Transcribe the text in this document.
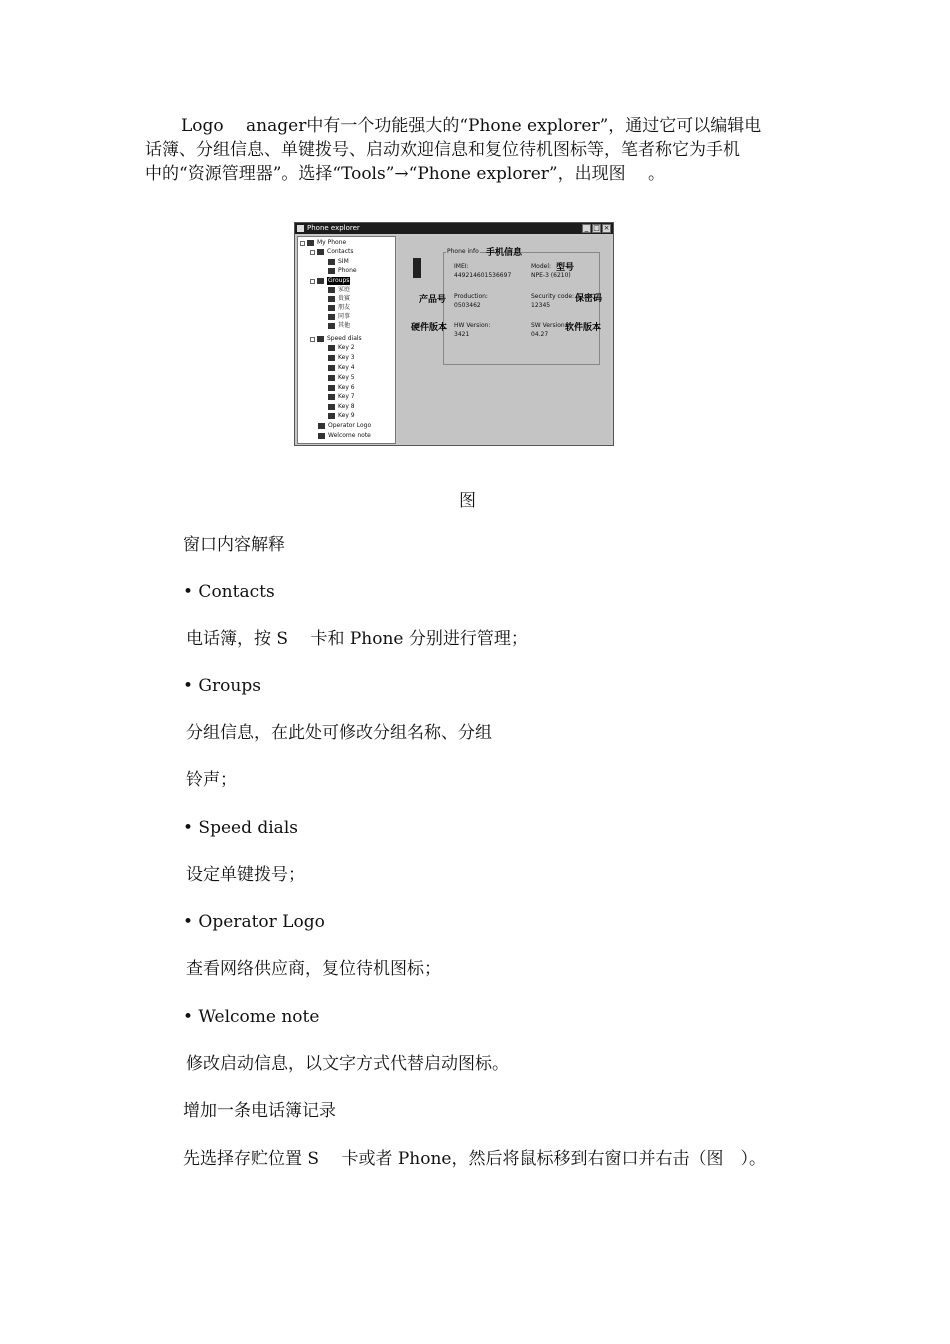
Logo　 anager中有一个功能强大的“Phone explorer”，通过它可以编辑电
话簿、分组信息、单键拨号、启动欢迎信息和复位待机图标等，笔者称它为手机
中的“资源管理器”。选择“Tools”→“Phone explorer”，出现图　 。
Phone explorer	_ □ ×
My Phone
Contacts
SIM
Phone
Groups
家庭
贵賓
朋友
同事
其他
Speed dials
Key 2
Key 3
Key 4
Key 5
Key 6
Key 7
Key 8
Key 9
Operator Logo
Welcome note
Phone info 手机信息
IMEI:
449214601536697
Model: 型号
NPE-3 (6210)
产品号 Production:
0503462
Security code: 保密码
12345
硬件版本 HW Version:
3421
SW Version:
软件版本
04.27
图
窗口内容解释
• Contacts
电话簿，按 S　 卡和 Phone 分别进行管理；
• Groups
分组信息，在此处可修改分组名称、分组
铃声；
• Speed dials
设定单键拨号；
• Operator Logo
查看网络供应商，复位待机图标；
• Welcome note
修改启动信息，以文字方式代替启动图标。
增加一条电话簿记录
先选择存贮位置 S　 卡或者 Phone，然后将鼠标移到右窗口并右击（图　）。
